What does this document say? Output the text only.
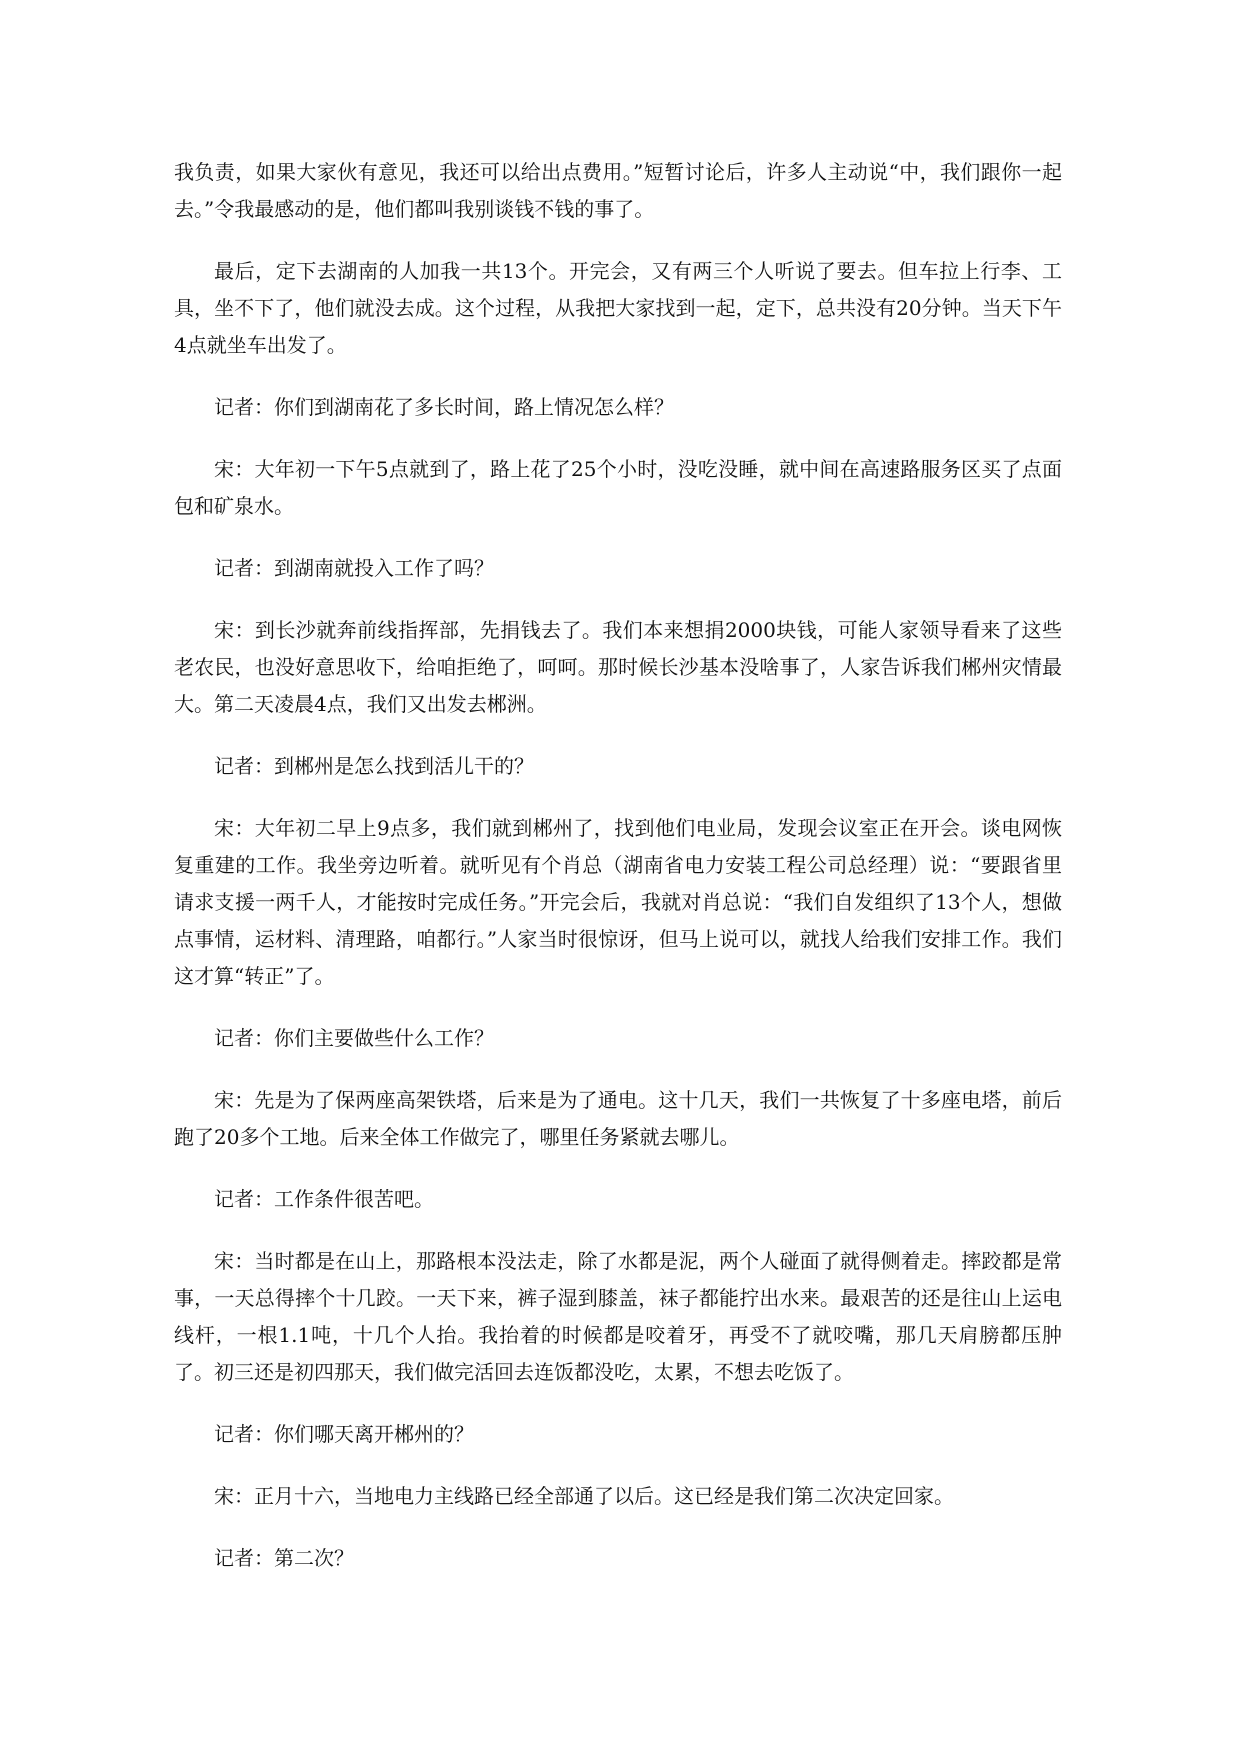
我负责，如果大家伙有意见，我还可以给出点费用。”短暂讨论后，许多人主动说“中，我们跟你一起去。”令我最感动的是，他们都叫我别谈钱不钱的事了。

最后，定下去湖南的人加我一共13个。开完会，又有两三个人听说了要去。但车拉上行李、工具，坐不下了，他们就没去成。这个过程，从我把大家找到一起，定下，总共没有20分钟。当天下午4点就坐车出发了。

记者：你们到湖南花了多长时间，路上情况怎么样？

宋：大年初一下午5点就到了，路上花了25个小时，没吃没睡，就中间在高速路服务区买了点面包和矿泉水。

记者：到湖南就投入工作了吗？

宋：到长沙就奔前线指挥部，先捐钱去了。我们本来想捐2000块钱，可能人家领导看来了这些老农民，也没好意思收下，给咱拒绝了，呵呵。那时候长沙基本没啥事了，人家告诉我们郴州灾情最大。第二天凌晨4点，我们又出发去郴洲。

记者：到郴州是怎么找到活儿干的？

宋：大年初二早上9点多，我们就到郴州了，找到他们电业局，发现会议室正在开会。谈电网恢复重建的工作。我坐旁边听着。就听见有个肖总（湖南省电力安装工程公司总经理）说：“要跟省里请求支援一两千人，才能按时完成任务。”开完会后，我就对肖总说：“我们自发组织了13个人，想做点事情，运材料、清理路，咱都行。”人家当时很惊讶，但马上说可以，就找人给我们安排工作。我们这才算“转正”了。

记者：你们主要做些什么工作？

宋：先是为了保两座高架铁塔，后来是为了通电。这十几天，我们一共恢复了十多座电塔，前后跑了20多个工地。后来全体工作做完了，哪里任务紧就去哪儿。

记者：工作条件很苦吧。

宋：当时都是在山上，那路根本没法走，除了水都是泥，两个人碰面了就得侧着走。摔跤都是常事，一天总得摔个十几跤。一天下来，裤子湿到膝盖，袜子都能拧出水来。最艰苦的还是往山上运电线杆，一根1.1吨，十几个人抬。我抬着的时候都是咬着牙，再受不了就咬嘴，那几天肩膀都压肿了。初三还是初四那天，我们做完活回去连饭都没吃，太累，不想去吃饭了。

记者：你们哪天离开郴州的？

宋：正月十六，当地电力主线路已经全部通了以后。这已经是我们第二次决定回家。

记者：第二次？
